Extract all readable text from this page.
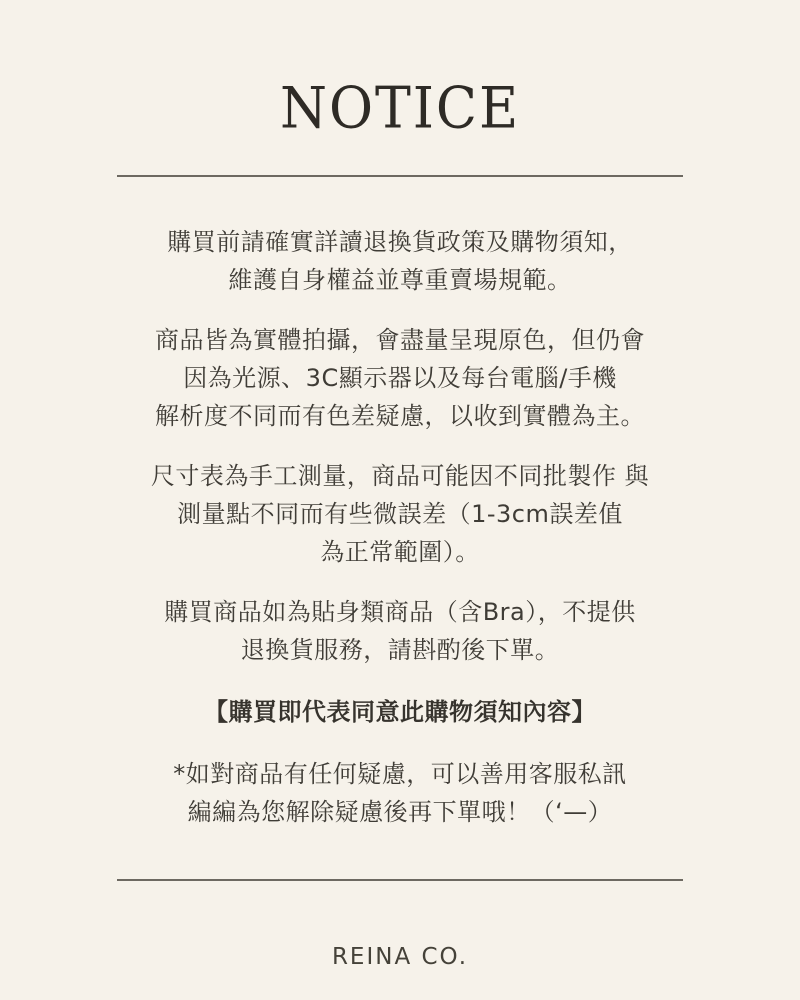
NOTICE

購買前請確實詳讀退換貨政策及購物須知，
維護自身權益並尊重賣場規範。

商品皆為實體拍攝，會盡量呈現原色，但仍會
因為光源、3C顯示器以及每台電腦/手機
解析度不同而有色差疑慮，以收到實體為主。

尺寸表為手工測量，商品可能因不同批製作 與
測量點不同而有些微誤差（1-3cm誤差值
為正常範圍）。

購買商品如為貼身類商品（含Bra），不提供
退換貨服務，請斟酌後下單。

【購買即代表同意此購物須知內容】

*如對商品有任何疑慮，可以善用客服私訊
編編為您解除疑慮後再下單哦！（‘—）

REINA CO.
